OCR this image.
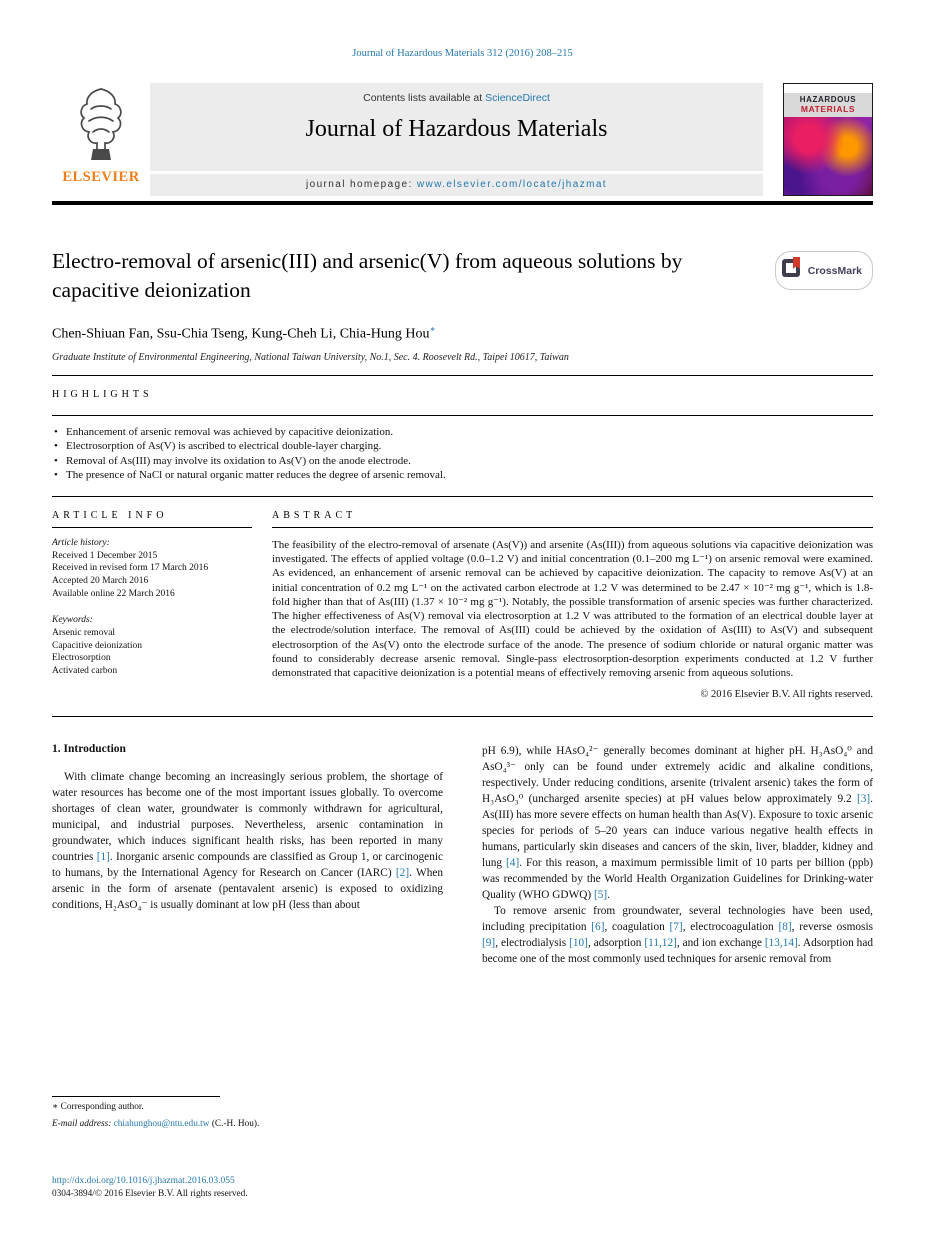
Journal of Hazardous Materials 312 (2016) 208–215
ELSEVIER
Contents lists available at ScienceDirect
Journal of Hazardous Materials
journal homepage: www.elsevier.com/locate/jhazmat
HAZARDOUS
MATERIALS
Electro-removal of arsenic(III) and arsenic(V) from aqueous solutions by capacitive deionization
CrossMark
Chen-Shiuan Fan, Ssu-Chia Tseng, Kung-Cheh Li, Chia-Hung Hou∗
Graduate Institute of Environmental Engineering, National Taiwan University, No.1, Sec. 4. Roosevelt Rd., Taipei 10617, Taiwan
HIGHLIGHTS
• Enhancement of arsenic removal was achieved by capacitive deionization.
• Electrosorption of As(V) is ascribed to electrical double-layer charging.
• Removal of As(III) may involve its oxidation to As(V) on the anode electrode.
• The presence of NaCl or natural organic matter reduces the degree of arsenic removal.
ARTICLE INFO
Article history:
Received 1 December 2015
Received in revised form 17 March 2016
Accepted 20 March 2016
Available online 22 March 2016
Keywords:
Arsenic removal
Capacitive deionization
Electrosorption
Activated carbon
ABSTRACT
The feasibility of the electro-removal of arsenate (As(V)) and arsenite (As(III)) from aqueous solutions via capacitive deionization was investigated. The effects of applied voltage (0.0–1.2 V) and initial concentration (0.1–200 mg L⁻¹) on arsenic removal were examined. As evidenced, an enhancement of arsenic removal can be achieved by capacitive deionization. The capacity to remove As(V) at an initial concentration of 0.2 mg L⁻¹ on the activated carbon electrode at 1.2 V was determined to be 2.47 × 10⁻² mg g⁻¹, which is 1.8-fold higher than that of As(III) (1.37 × 10⁻² mg g⁻¹). Notably, the possible transformation of arsenic species was further characterized. The higher effectiveness of As(V) removal via electrosorption at 1.2 V was attributed to the formation of an electrical double layer at the electrode/solution interface. The removal of As(III) could be achieved by the oxidation of As(III) to As(V) and subsequent electrosorption of the As(V) onto the electrode surface of the anode. The presence of sodium chloride or natural organic matter was found to considerably decrease arsenic removal. Single-pass electrosorption-desorption experiments conducted at 1.2 V further demonstrated that capacitive deionization is a potential means of effectively removing arsenic from aqueous solutions.
© 2016 Elsevier B.V. All rights reserved.
1. Introduction
With climate change becoming an increasingly serious problem, the shortage of water resources has become one of the most important issues globally. To overcome shortages of clean water, groundwater is commonly withdrawn for agricultural, municipal, and industrial purposes. Nevertheless, arsenic contamination in groundwater, which induces significant health risks, has been reported in many countries [1]. Inorganic arsenic compounds are classified as Group 1, or carcinogenic to humans, by the International Agency for Research on Cancer (IARC) [2]. When arsenic in the form of arsenate (pentavalent arsenic) is exposed to oxidizing conditions, H₂AsO₄⁻ is usually dominant at low pH (less than about
pH 6.9), while HAsO₄²⁻ generally becomes dominant at higher pH. H₃AsO₄⁰ and AsO₄³⁻ only can be found under extremely acidic and alkaline conditions, respectively. Under reducing conditions, arsenite (trivalent arsenic) takes the form of H₃AsO₃⁰ (uncharged arsenite species) at pH values below approximately 9.2 [3]. As(III) has more severe effects on human health than As(V). Exposure to toxic arsenic species for periods of 5–20 years can induce various negative health effects in humans, particularly skin diseases and cancers of the skin, liver, bladder, kidney and lung [4]. For this reason, a maximum permissible limit of 10 parts per billion (ppb) was recommended by the World Health Organization Guidelines for Drinking-water Quality (WHO GDWQ) [5].
To remove arsenic from groundwater, several technologies have been used, including precipitation [6], coagulation [7], electrocoagulation [8], reverse osmosis [9], electrodialysis [10], adsorption [11,12], and ion exchange [13,14]. Adsorption had become one of the most commonly used techniques for arsenic removal from
∗ Corresponding author.
E-mail address: chiahunghou@ntu.edu.tw (C.-H. Hou).
http://dx.doi.org/10.1016/j.jhazmat.2016.03.055
0304-3894/© 2016 Elsevier B.V. All rights reserved.
